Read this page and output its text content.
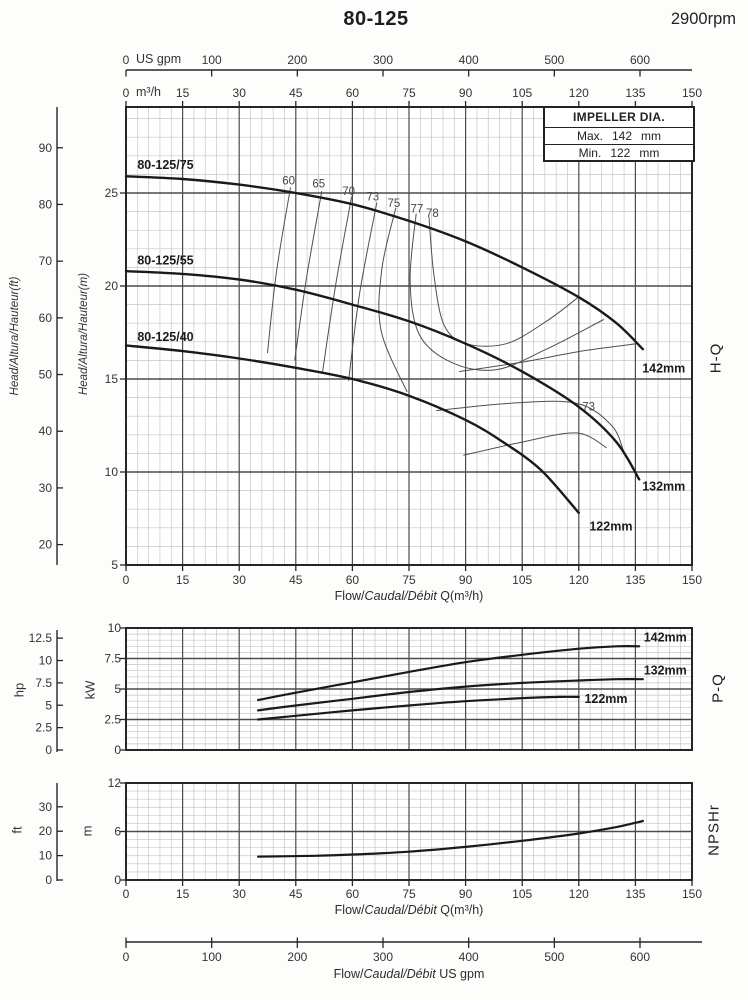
0	100	200	300	400	500	600
0	15	30	45	60	75	90	105	120	135	150
0	15	30	45	60	75	90	105	120	135	150
0	15	30	45	60	75	90	105	120	135	150
0	100	200	300	400	500	600
25
20
15
10
5
90
80
70
60
50
40
30
20
10
7.5
5
2.5
0
12.5
10
7.5
5
2.5
0
12
6
0
30
20
10
0
80-125/75
80-125/55
80-125/40
142mm
132mm
122mm
60 65
70 73
75 77 78
73
142mm
132mm
122mm
80-125	2900rpm
US gpm
m³/h
Head/Altura/Hauteur(ft)	Head/Altura/Hauteur(m)
hp	kW
ft	m
H-Q
P-Q
NPSHr
Flow/Caudal/Débit Q(m³/h)
Flow/Caudal/Débit Q(m³/h)
Flow/Caudal/Débit US gpm
IMPELLER DIA.
Max. 142 mm
Min. 122 mm
